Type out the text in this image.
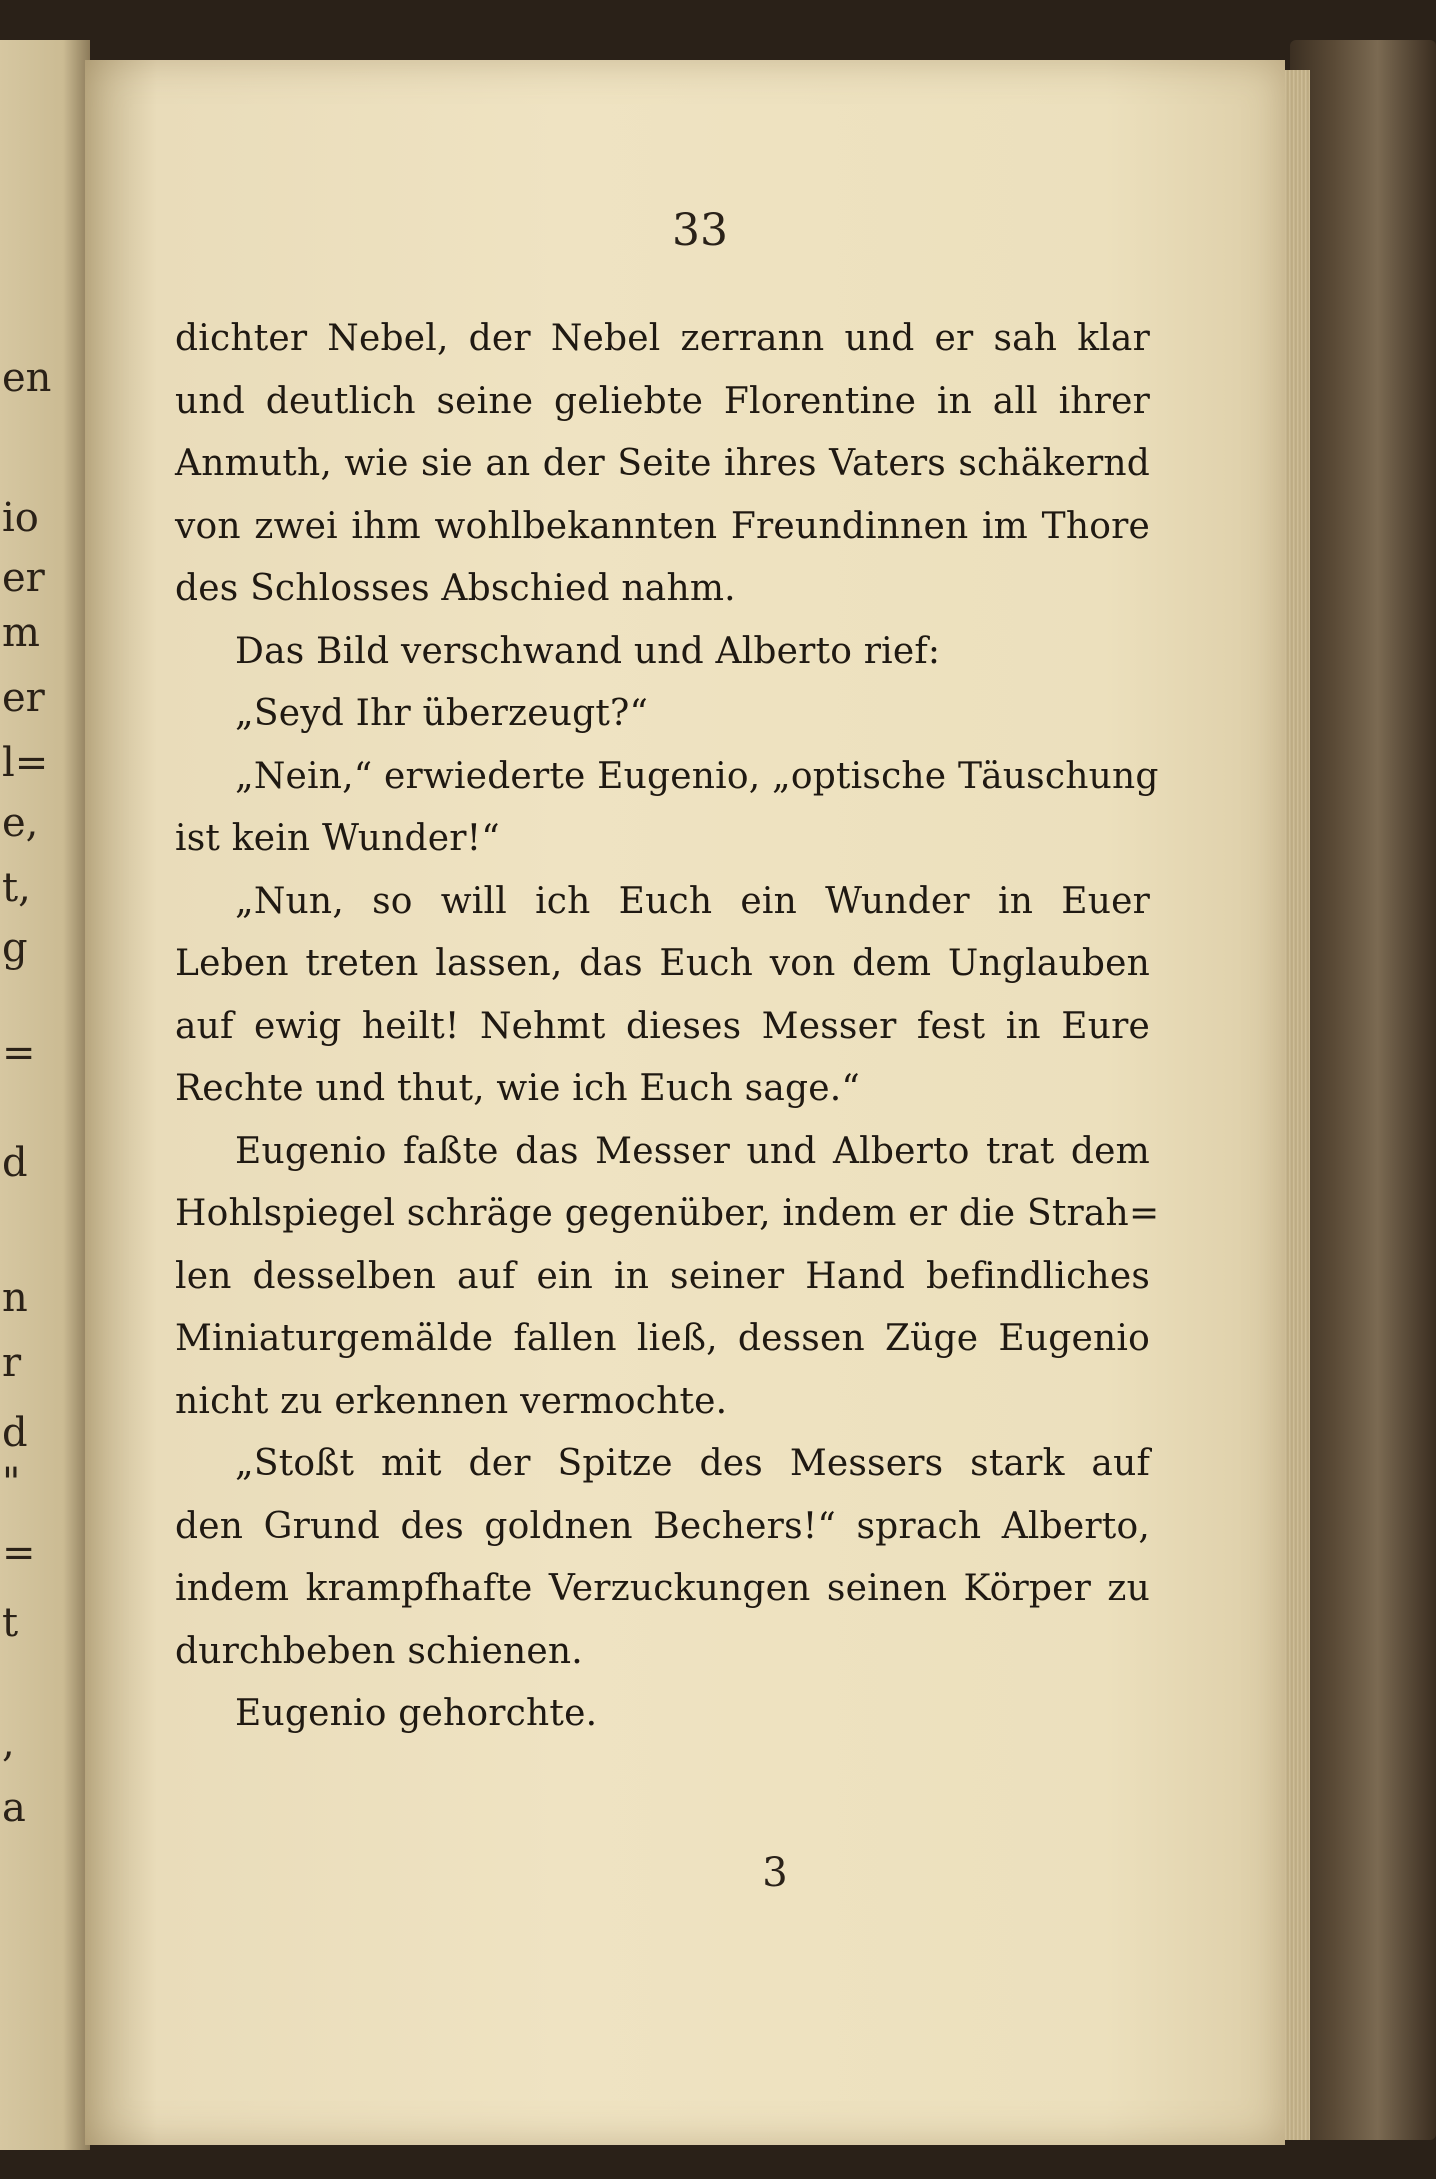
en
io
er
m
er
l=
e,
t,
g
=
d
n
r
d
"
=
t
,
a
33
dichter Nebel, der Nebel zerrann und er sah klar
und deutlich seine geliebte Florentine in all ihrer
Anmuth, wie sie an der Seite ihres Vaters schäkernd
von zwei ihm wohlbekannten Freundinnen im Thore
des Schlosses Abschied nahm.
Das Bild verschwand und Alberto rief:
„Seyd Ihr überzeugt?“
„Nein,“ erwiederte Eugenio, „optische Täuschung
ist kein Wunder!“
„Nun, so will ich Euch ein Wunder in Euer
Leben treten lassen, das Euch von dem Unglauben
auf ewig heilt! Nehmt dieses Messer fest in Eure
Rechte und thut, wie ich Euch sage.“
Eugenio faßte das Messer und Alberto trat dem
Hohlspiegel schräge gegenüber, indem er die Strah=
len desselben auf ein in seiner Hand befindliches
Miniaturgemälde fallen ließ, dessen Züge Eugenio
nicht zu erkennen vermochte.
„Stoßt mit der Spitze des Messers stark auf
den Grund des goldnen Bechers!“ sprach Alberto,
indem krampfhafte Verzuckungen seinen Körper zu
durchbeben schienen.
Eugenio gehorchte.
3
